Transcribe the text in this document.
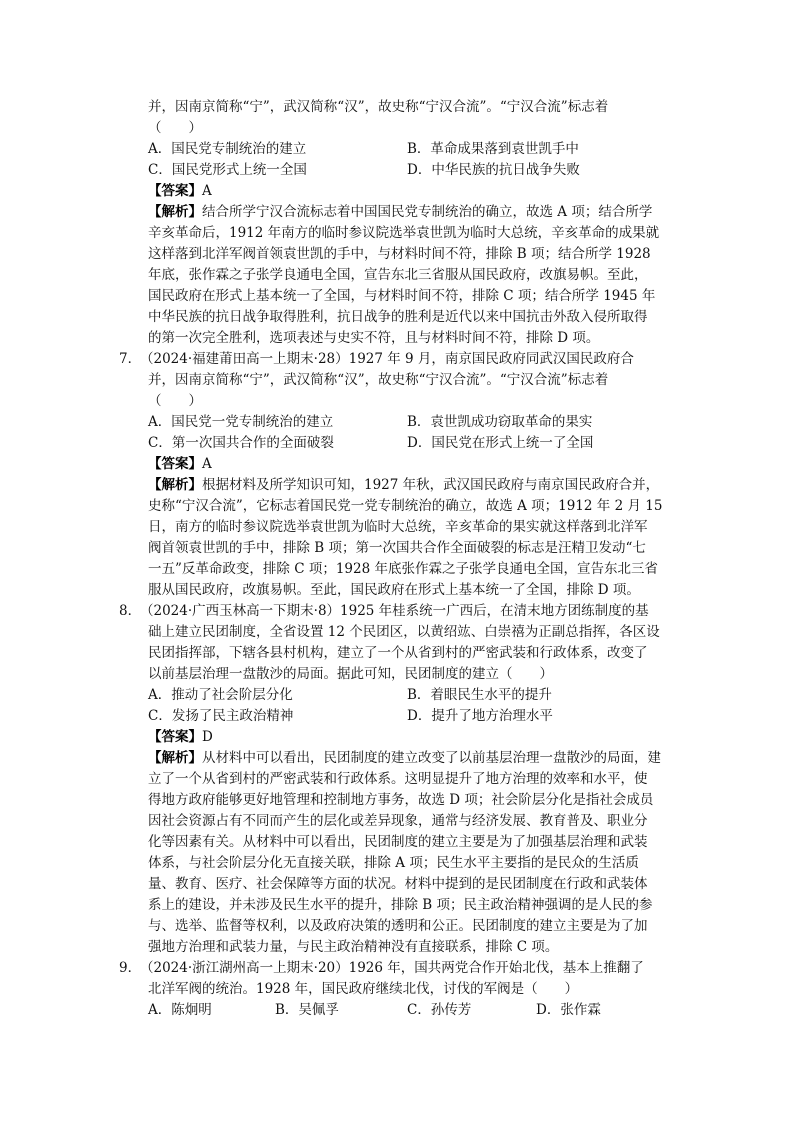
并，因南京简称“宁”，武汉简称“汉”，故史称“宁汉合流”。“宁汉合流”标志着
（　　）
A．国民党专制统治的建立	B．革命成果落到袁世凯手中
C．国民党形式上统一全国	D．中华民族的抗日战争失败
【答案】A
【解析】结合所学宁汉合流标志着中国国民党专制统治的确立，故选 A 项；结合所学
辛亥革命后，1912 年南方的临时参议院选举袁世凯为临时大总统，辛亥革命的成果就
这样落到北洋军阀首领袁世凯的手中，与材料时间不符，排除 B 项；结合所学 1928
年底，张作霖之子张学良通电全国，宣告东北三省服从国民政府，改旗易帜。至此，
国民政府在形式上基本统一了全国，与材料时间不符，排除 C 项；结合所学 1945 年
中华民族的抗日战争取得胜利，抗日战争的胜利是近代以来中国抗击外敌入侵所取得
的第一次完全胜利，选项表述与史实不符，且与材料时间不符，排除 D 项。
7．
（2024·福建莆田高一上期末·28）1927 年 9 月，南京国民政府同武汉国民政府合
并，因南京简称“宁”，武汉简称“汉”，故史称“宁汉合流”。“宁汉合流”标志着
（　　）
A．国民党一党专制统治的建立	B．袁世凯成功窃取革命的果实
C．第一次国共合作的全面破裂	D．国民党在形式上统一了全国
【答案】A
【解析】根据材料及所学知识可知，1927 年秋，武汉国民政府与南京国民政府合并，
史称“宁汉合流”，它标志着国民党一党专制统治的确立，故选 A 项；1912 年 2 月 15
日，南方的临时参议院选举袁世凯为临时大总统，辛亥革命的果实就这样落到北洋军
阀首领袁世凯的手中，排除 B 项；第一次国共合作全面破裂的标志是汪精卫发动“七
一五”反革命政变，排除 C 项；1928 年底张作霖之子张学良通电全国，宣告东北三省
服从国民政府，改旗易帜。至此，国民政府在形式上基本统一了全国，排除 D 项。
8．
（2024·广西玉林高一下期末·8）1925 年桂系统一广西后，在清末地方团练制度的基
础上建立民团制度，全省设置 12 个民团区，以黄绍竑、白崇禧为正副总指挥，各区设
民团指挥部，下辖各县村机构，建立了一个从省到村的严密武装和行政体系，改变了
以前基层治理一盘散沙的局面。据此可知，民团制度的建立（　　）
A．推动了社会阶层分化	B．着眼民生水平的提升
C．发扬了民主政治精神	D．提升了地方治理水平
【答案】D
【解析】从材料中可以看出，民团制度的建立改变了以前基层治理一盘散沙的局面，建
立了一个从省到村的严密武装和行政体系。这明显提升了地方治理的效率和水平，使
得地方政府能够更好地管理和控制地方事务，故选 D 项；社会阶层分化是指社会成员
因社会资源占有不同而产生的层化或差异现象，通常与经济发展、教育普及、职业分
化等因素有关。从材料中可以看出，民团制度的建立主要是为了加强基层治理和武装
体系，与社会阶层分化无直接关联，排除 A 项；民生水平主要指的是民众的生活质
量、教育、医疗、社会保障等方面的状况。材料中提到的是民团制度在行政和武装体
系上的建设，并未涉及民生水平的提升，排除 B 项；民主政治精神强调的是人民的参
与、选举、监督等权利，以及政府决策的透明和公正。民团制度的建立主要是为了加
强地方治理和武装力量，与民主政治精神没有直接联系，排除 C 项。
9．
（2024·浙江湖州高一上期末·20）1926 年，国共两党合作开始北伐，基本上推翻了
北洋军阀的统治。1928 年，国民政府继续北伐，讨伐的军阀是（　　）
A．陈炯明	B．吴佩孚	C．孙传芳	D．张作霖
